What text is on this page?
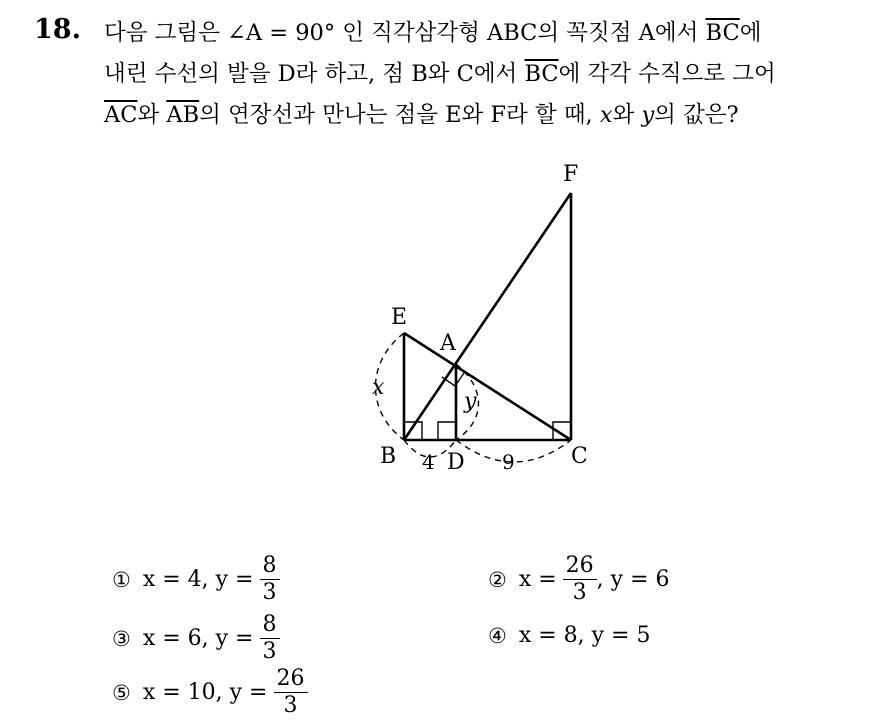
18. 다음 그림은 ∠A = 90° 인 직각삼각형 ABC의 꼭짓점 A에서 $\overline{BC}$에
내린 수선의 발을 D라 하고, 점 B와 C에서 $\overline{BC}$에 각각 수직으로 그어
$\overline{AC}$와 $\overline{AB}$의 연장선과 만나는 점을 E와 F라 할 때, x와 y의 값은?
F
E
A
B D	C
x
y
4	9
① x = 4, $y = \frac{8}{3}$	② $x = \frac{26}{3}$ , y = 6
③ x = 6, $y = \frac{8}{3}$	④ x = 8, y = 5
⑤ x = 10, $y = \frac{26}{3}$
